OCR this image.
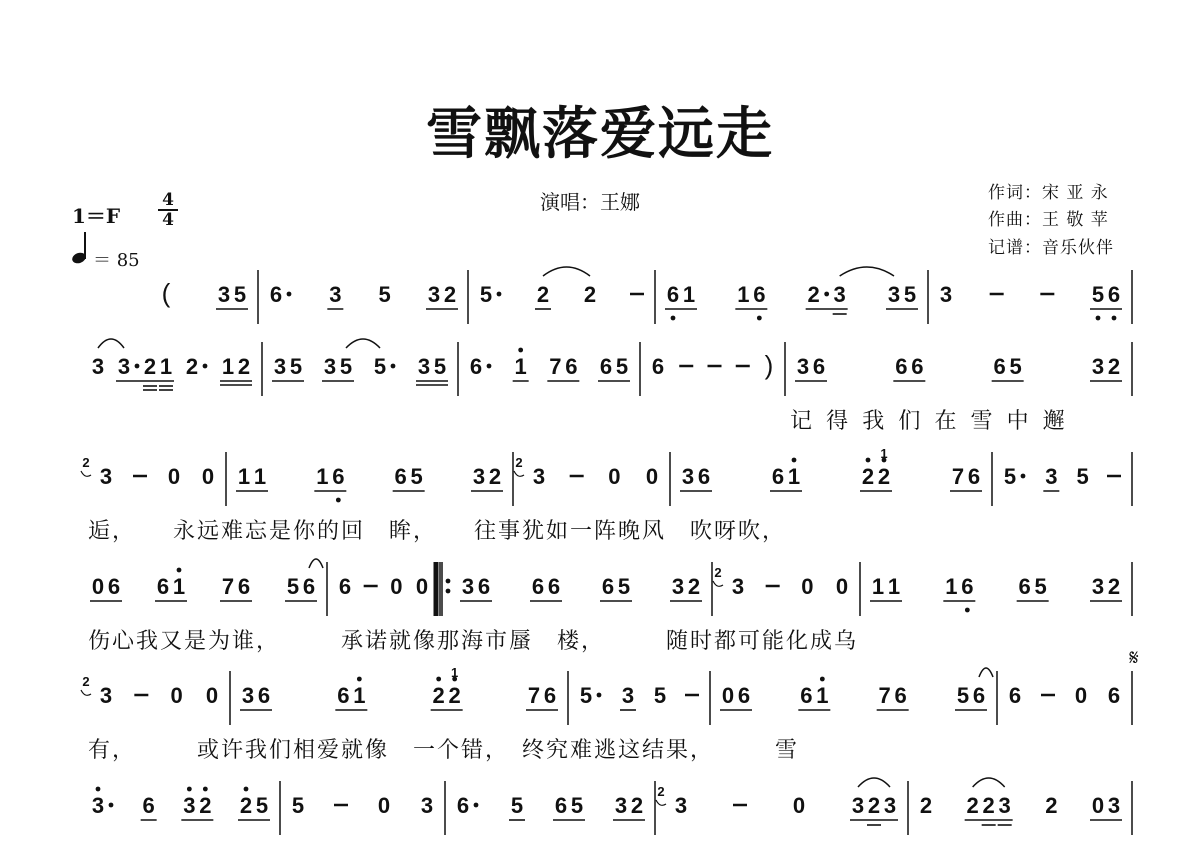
雪飘落爱远走
演唱：王娜	作词：宋 亚 永
作曲：王 敬 苹
记谱：音乐伙伴
$1=F \frac{4}{4}$
＝ 85
( 3 5 6 3 5 3 2 5 2 2	6 1 1 6 2 3 3 5 3	5 6
3 3 2 1 2 1 2 3 5 3 5 5 3 5 6 1 7 6 6 5 6	) 3 6	6 6	6 5	3 2
记 得 我 们 在 雪 中 邂
2
3	0 0 1 1 1 6 6 5 3 2
2
3	0 0 3 6	6 1	2 2
1
7 6 5 3 5
逅，　　永远难忘是你的回　眸，　　往事犹如一阵晚风　吹呀吹，
0 6 6 1 7 6 5 6 6 0 0 3 6 6 6 6 5 3 2
2
3	0 0 1 1 1 6 6 5 3 2
伤心我又是为谁，　　　承诺就像那海市蜃　楼，　　　随时都可能化成乌
2
3	0 0 3 6	6 1	2 2
1
7 6 5 3 5	0 6 6 1 7 6 5 6 6 0 6
𝄋
有，　　　或许我们相爱就像　一个错，　终究难逃这结果，　　　雪
3 6 3 2 2 5 5	0 3 6 5 6 5 3 2
2
3	0 3 2 3 2 2 2 3 2 0 3
